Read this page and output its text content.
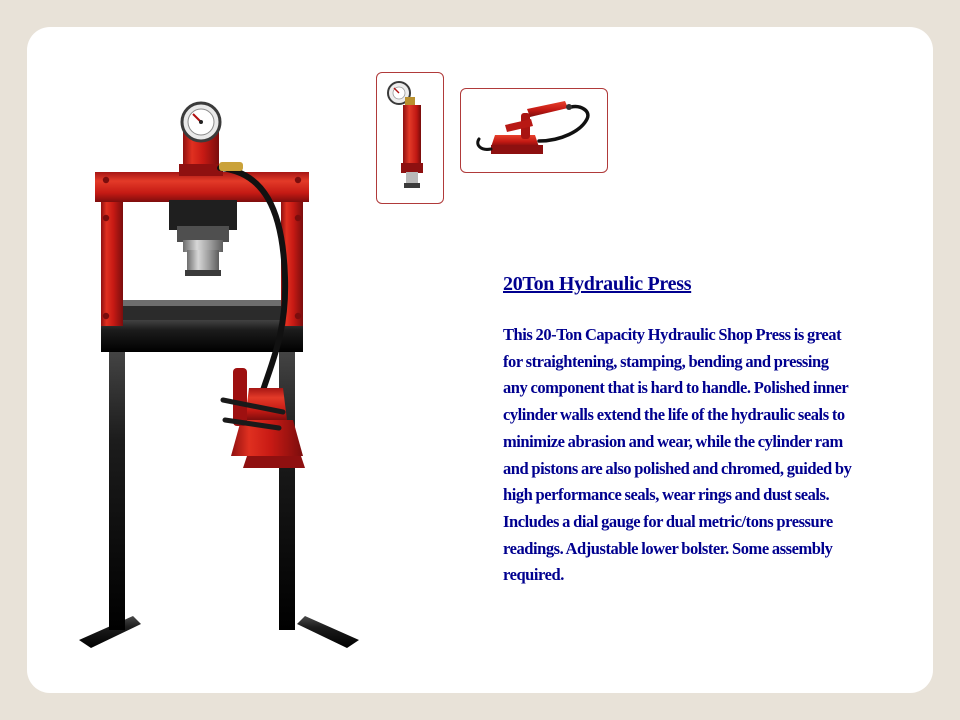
20Ton Hydraulic Press

This 20-Ton Capacity Hydraulic Shop Press is great for straightening, stamping, bending and pressing any component that is hard to handle. Polished inner cylinder walls extend the life of the hydraulic seals to minimize abrasion and wear, while the cylinder ram and pistons are also polished and chromed, guided by high performance seals, wear rings and dust seals. Includes a dial gauge for dual metric/tons pressure readings. Adjustable lower bolster. Some assembly required.
